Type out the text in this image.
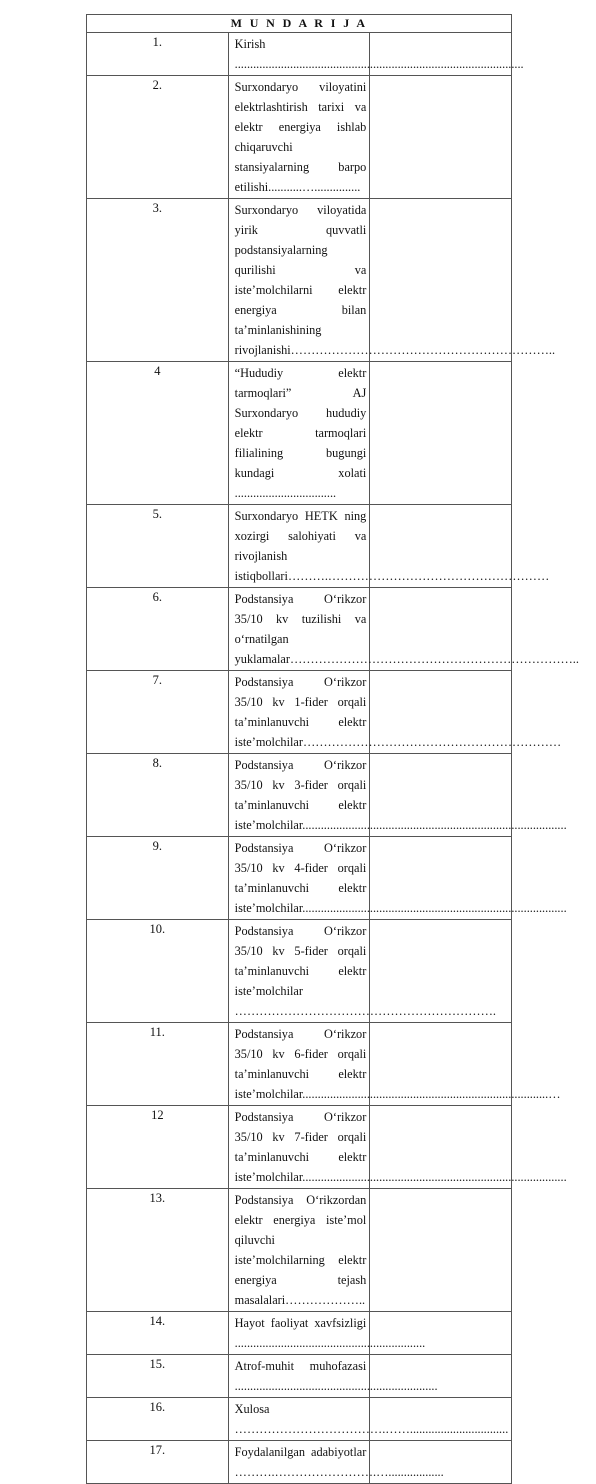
M U N D A R I J A		
1.	Kirish ..............................................................................................	

2.	Surxondaryo viloyatini elektrlashtirish tarixi va elektr energiya ishlab chiqaruvchi stansiyalarning barpo etilishi...........…...............	

3.	Surxondaryo viloyatida yirik quvvatli podstansiyalarning qurilishi va iste’molchilarni elektr energiya bilan ta’minlanishining rivojlanishi………………………………………………………..	

4	“Hududiy elektr tarmoqlari” AJ Surxondaryo hududiy elektr tarmoqlari filialining bugungi kundagi xolati .................................	

5.	Surxondaryo HETK ning xozirgi salohiyati va rivojlanish istiqbollari……….………………………………………………	

6.	Podstansiya O‘rikzor 35/10 kv tuzilishi va o‘rnatilgan yuklamalar……………………………………………………………..	

7.	Podstansiya O‘rikzor 35/10 kv 1-fider orqali ta’minlanuvchi elektr iste’molchilar………………………………………………………	

8.	Podstansiya O‘rikzor 35/10 kv 3-fider orqali ta’minlanuvchi elektr iste’molchilar......................................................................................	

9.	Podstansiya O‘rikzor 35/10 kv 4-fider orqali ta’minlanuvchi elektr iste’molchilar......................................................................................	

10.	Podstansiya O‘rikzor 35/10 kv 5-fider orqali ta’minlanuvchi elektr iste’molchilar ……………………………………………………….	

11.	Podstansiya O‘rikzor 35/10 kv 6-fider orqali ta’minlanuvchi elektr iste’molchilar................................................................................…	

12	Podstansiya O‘rikzor 35/10 kv 7-fider orqali ta’minlanuvchi elektr iste’molchilar......................................................................................	

13.	Podstansiya O‘rikzordan elektr energiya iste’mol qiluvchi iste’molchilarning elektr energiya tejash masalalari………………..	

14.	Hayot faoliyat xavfsizligi ..............................................................	

15.	Atrof-muhit muhofazasi ..................................................................	

16.	Xulosa ……………………………….……................................	

17.	Foydalanilgan adabiyotlar ……….…………………….…..................	
